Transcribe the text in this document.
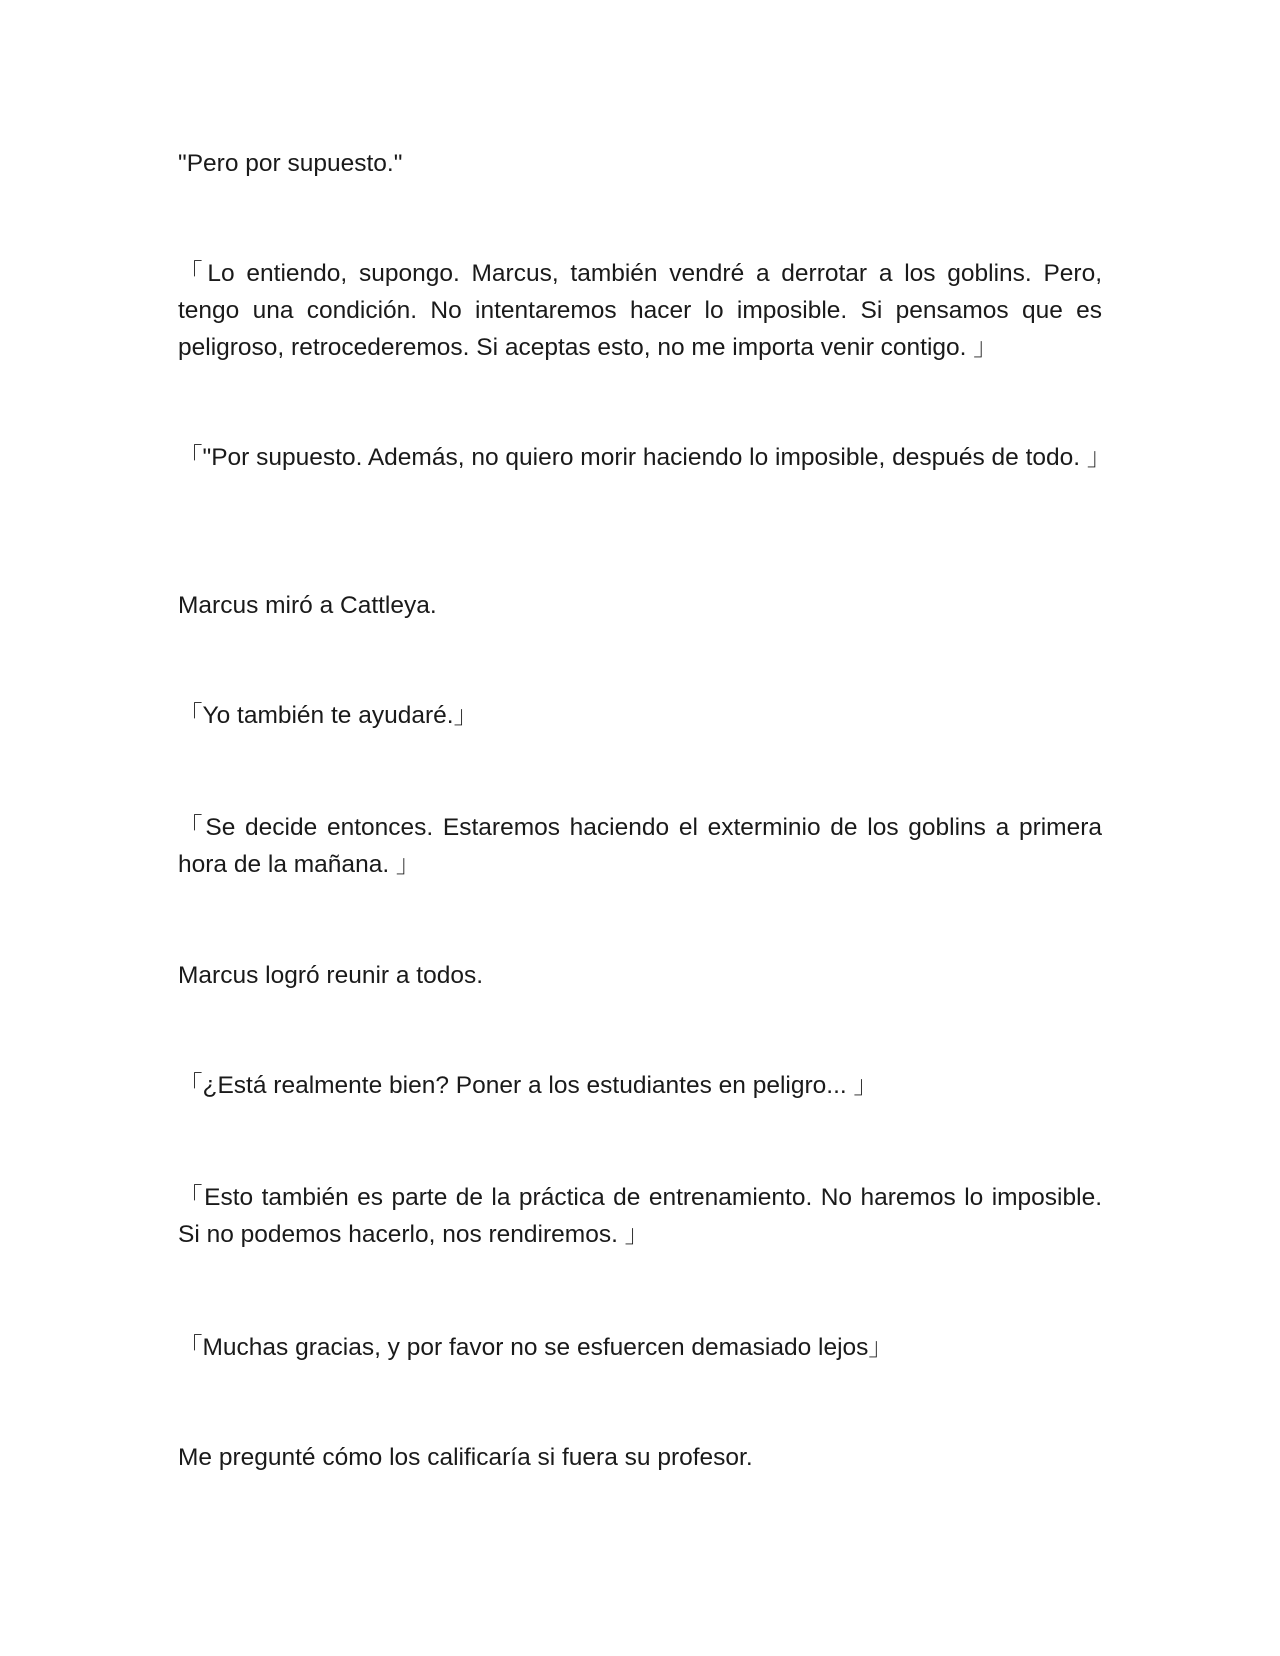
"Pero por supuesto."

「Lo entiendo, supongo. Marcus, también vendré a derrotar a los goblins. Pero, tengo una condición. No intentaremos hacer lo imposible. Si pensamos que es peligroso, retrocederemos. Si aceptas esto, no me importa venir contigo. 」

「"Por supuesto. Además, no quiero morir haciendo lo imposible, después de todo. 」

Marcus miró a Cattleya.

「Yo también te ayudaré.」

「Se decide entonces. Estaremos haciendo el exterminio de los goblins a primera hora de la mañana. 」

Marcus logró reunir a todos.

「¿Está realmente bien? Poner a los estudiantes en peligro... 」

「Esto también es parte de la práctica de entrenamiento. No haremos lo imposible. Si no podemos hacerlo, nos rendiremos. 」

「Muchas gracias, y por favor no se esfuercen demasiado lejos」

Me pregunté cómo los calificaría si fuera su profesor.
